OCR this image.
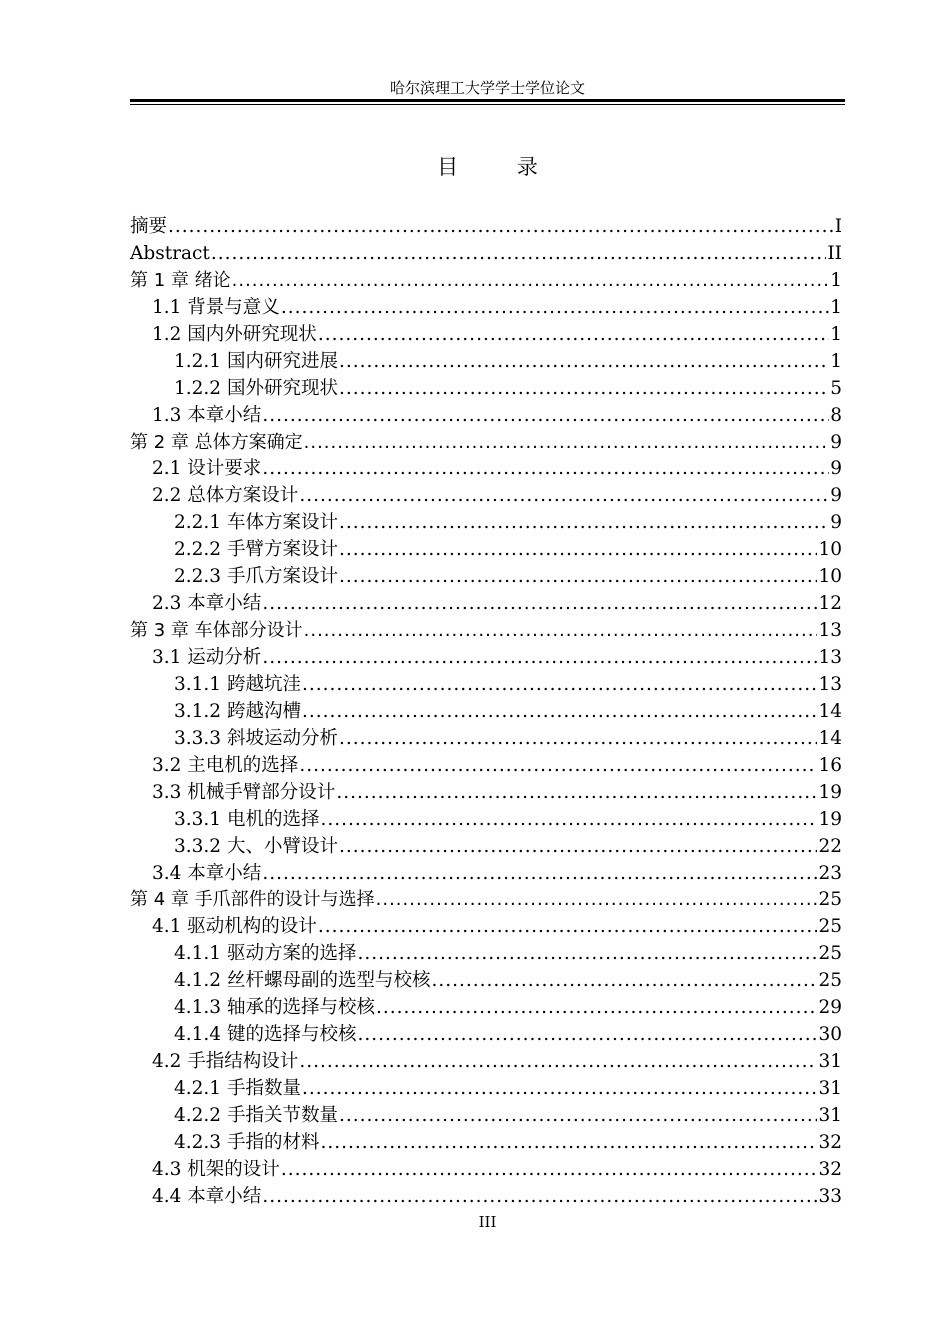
哈尔滨理工大学学士学位论文
目 录
摘要 .....	I
Abstract .....	II
第 1 章 绪论 .....	1
1.1 背景与意义 .....	1
1.2 国内外研究现状 .....	1
1.2.1 国内研究进展 .....	1
1.2.2 国外研究现状 .....	5
1.3 本章小结 .....	8
第 2 章 总体方案确定 .....	9
2.1 设计要求 .....	9
2.2 总体方案设计 .....	9
2.2.1 车体方案设计 .....	9
2.2.2 手臂方案设计 .....	10
2.2.3 手爪方案设计 .....	10
2.3 本章小结 .....	12
第 3 章 车体部分设计 .....	13
3.1 运动分析 .....	13
3.1.1 跨越坑洼 .....	13
3.1.2 跨越沟槽 .....	14
3.3.3 斜坡运动分析 .....	14
3.2 主电机的选择 .....	16
3.3 机械手臂部分设计 .....	19
3.3.1 电机的选择 .....	19
3.3.2 大、小臂设计 .....	22
3.4 本章小结 .....	23
第 4 章 手爪部件的设计与选择 .....	25
4.1 驱动机构的设计 .....	25
4.1.1 驱动方案的选择 .....	25
4.1.2 丝杆螺母副的选型与校核 .....	25
4.1.3 轴承的选择与校核 .....	29
4.1.4 键的选择与校核 .....	30
4.2 手指结构设计 .....	31
4.2.1 手指数量 .....	31
4.2.2 手指关节数量 .....	31
4.2.3 手指的材料 .....	32
4.3 机架的设计 .....	32
4.4 本章小结 .....	33
III
